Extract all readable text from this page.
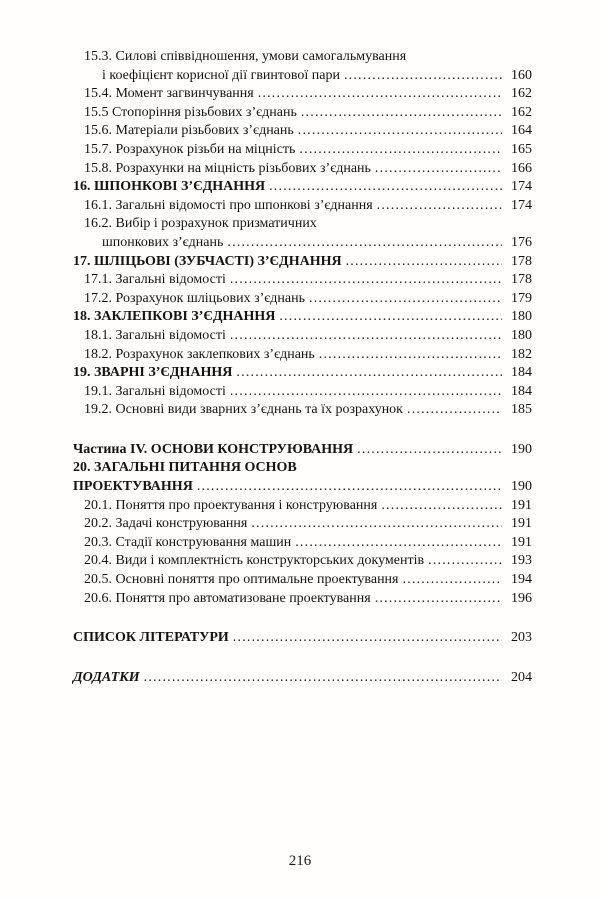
15.3. Силові співвідношення, умови самогальмування
і коефіцієнт корисної дії гвинтової пари .....	160
15.4. Момент загвинчування .....	162
15.5 Стопоріння різьбових з’єднань .....	162
15.6. Матеріали різьбових з’єднань .....	164
15.7. Розрахунок різьби на міцність .....	165
15.8. Розрахунки на міцність різьбових з’єднань .....	166
16. ШПОНКОВІ З’ЄДНАННЯ .....	174
16.1. Загальні відомості про шпонкові з’єднання .....	174
16.2. Вибір і розрахунок призматичних
шпонкових з’єднань .....	176
17. ШЛІЦЬОВІ (ЗУБЧАСТІ) З’ЄДНАННЯ .....	178
17.1. Загальні відомості .....	178
17.2. Розрахунок шліцьових з’єднань .....	179
18. ЗАКЛЕПКОВІ З’ЄДНАННЯ .....	180
18.1. Загальні відомості .....	180
18.2. Розрахунок заклепкових з’єднань .....	182
19. ЗВАРНІ З’ЄДНАННЯ .....	184
19.1. Загальні відомості .....	184
19.2. Основні види зварних з’єднань та їх розрахунок .....	185
Частина IV. ОСНОВИ КОНСТРУЮВАННЯ .....	190
20. ЗАГАЛЬНІ ПИТАННЯ ОСНОВ
ПРОЕКТУВАННЯ .....	190
20.1. Поняття про проектування і конструювання .....	191
20.2. Задачі конструювання .....	191
20.3. Стадії конструювання машин .....	191
20.4. Види і комплектність конструкторських документів .....	193
20.5. Основні поняття про оптимальне проектування .....	194
20.6. Поняття про автоматизоване проектування .....	196
СПИСОК ЛІТЕРАТУРИ .....	203
ДОДАТКИ .....	204
216
